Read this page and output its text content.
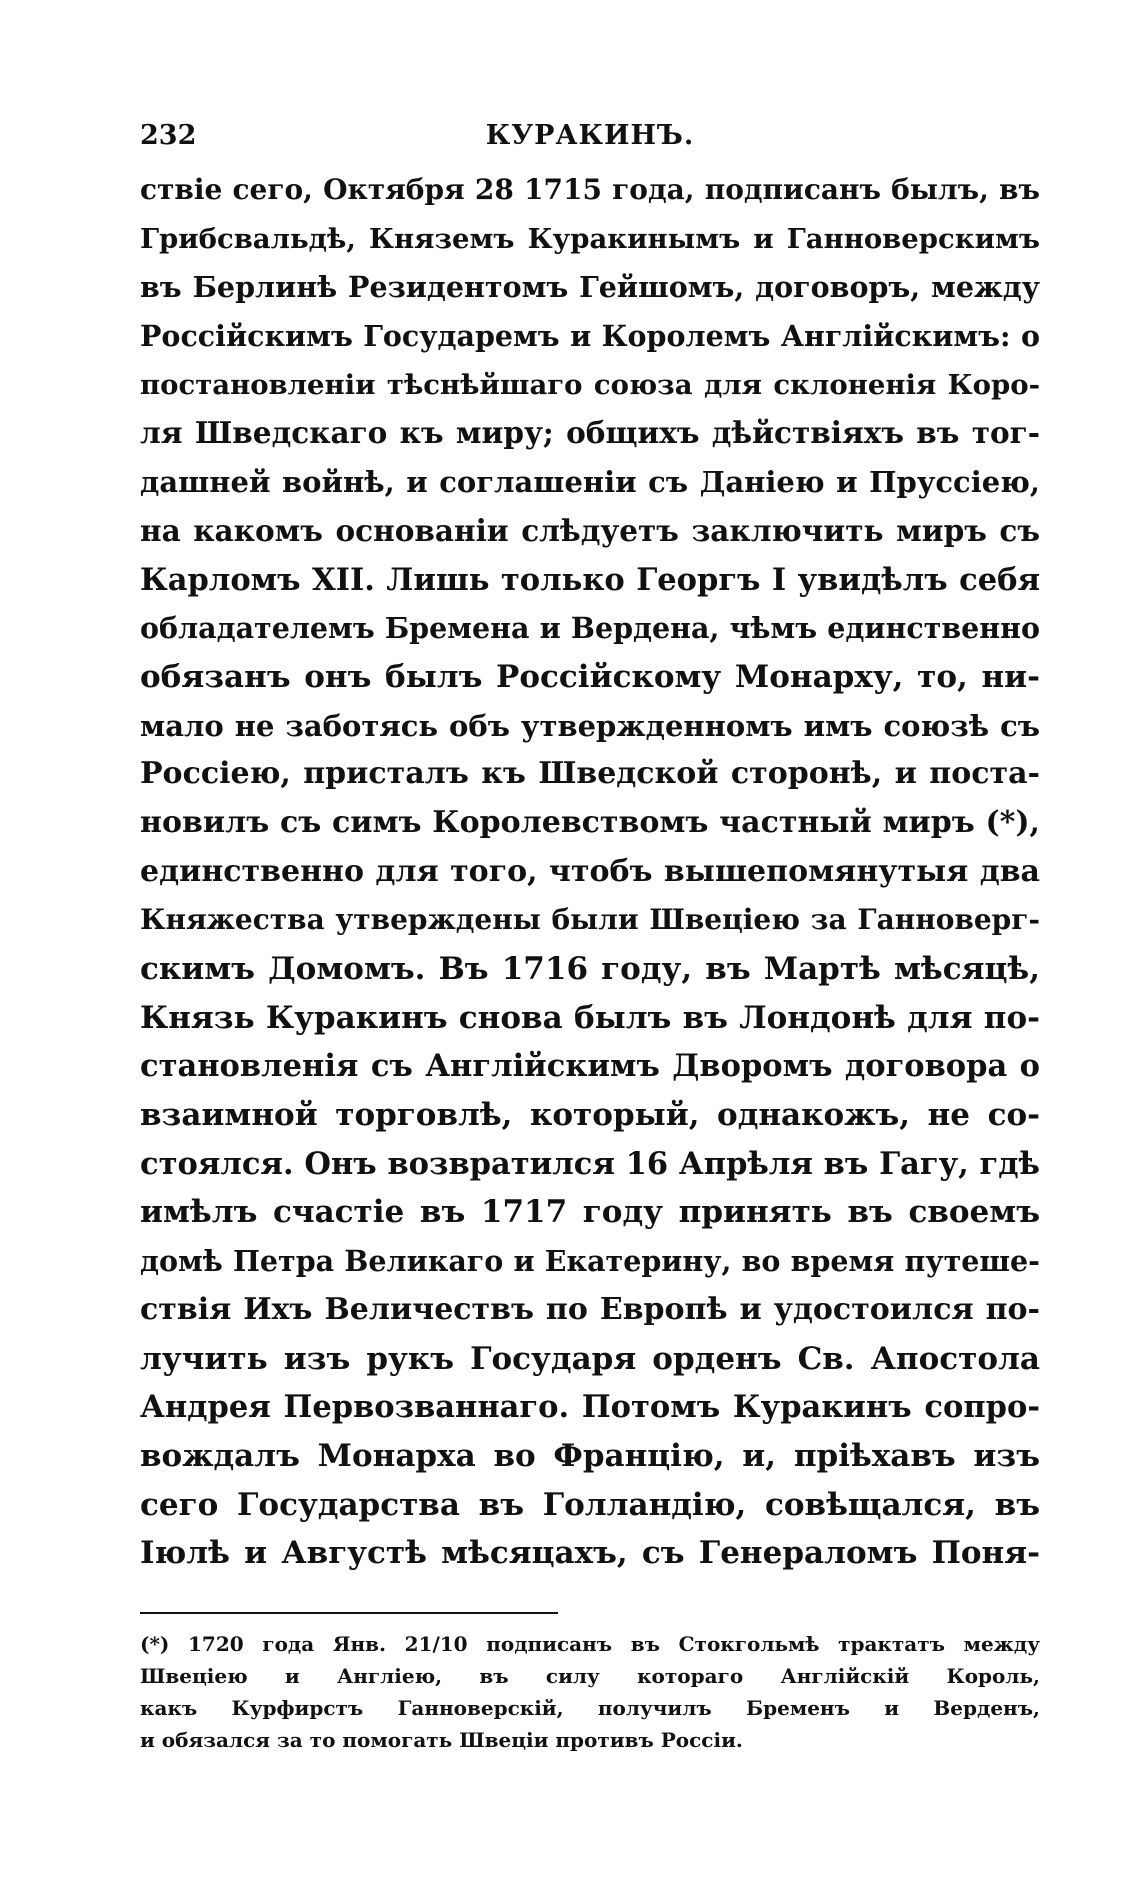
232	КУРАКИНЪ.
ствіе сего, Октября 28 1715 года, подписанъ былъ, въ
Грибсвальдѣ, Княземъ Куракинымъ и Ганноверскимъ
въ Берлинѣ Резидентомъ Гейшомъ, договоръ, между
Россійскимъ Государемъ и Королемъ Англійскимъ: о
постановленіи тѣснѣйшаго союза для склоненія Коро-
ля Шведскаго къ миру; общихъ дѣйствіяхъ въ тог-
дашней войнѣ, и соглашеніи съ Даніею и Пруссіею,
на какомъ основаніи слѣдуетъ заключить миръ съ
Карломъ XII. Лишь только Георгъ I увидѣлъ себя
обладателемъ Бремена и Вердена, чѣмъ единственно
обязанъ онъ былъ Россійскому Монарху, то, ни-
мало не заботясь объ утвержденномъ имъ союзѣ съ
Россіею, присталъ къ Шведской сторонѣ, и поста-
новилъ съ симъ Королевствомъ частный миръ (*),
единственно для того, чтобъ вышепомянутыя два
Княжества утверждены были Швеціею за Ганноверг-
скимъ Домомъ. Въ 1716 году, въ Мартѣ мѣсяцѣ,
Князь Куракинъ снова былъ въ Лондонѣ для по-
становленія съ Англійскимъ Дворомъ договора о
взаимной торговлѣ, который, однакожъ, не со-
стоялся. Онъ возвратился 16 Апрѣля въ Гагу, гдѣ
имѣлъ счастіе въ 1717 году принять въ своемъ
домѣ Петра Великаго и Екатерину, во время путеше-
ствія Ихъ Величествъ по Европѣ и удостоился по-
лучить изъ рукъ Государя орденъ Св. Апостола
Андрея Первозваннаго. Потомъ Куракинъ сопро-
вождалъ Монарха во Францію, и, пріѣхавъ изъ
сего Государства въ Голландію, совѣщался, въ
Іюлѣ и Августѣ мѣсяцахъ, съ Генераломъ Поня-
(*) 1720 года Янв. 21/10 подписанъ въ Стокгольмѣ трактатъ между
Швеціею и Англіею, въ силу котораго Англійскій Король,
какъ Курфирстъ Ганноверскій, получилъ Бременъ и Верденъ,
и обязался за то помогать Швеціи противъ Россіи.
